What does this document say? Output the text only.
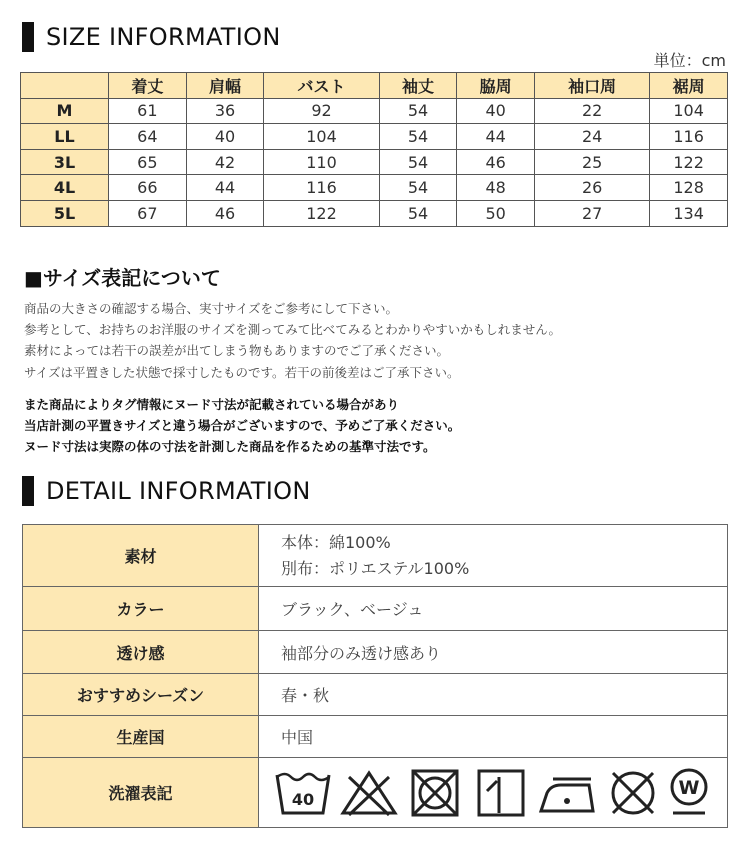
SIZE INFORMATION
単位：cm
	着丈	肩幅	バスト	袖丈	脇周	袖口周	裾周
M	61	36	92	54	40	22	104
LL	64	40	104	54	44	24	116
3L	65	42	110	54	46	25	122
4L	66	44	116	54	48	26	128
5L	67	46	122	54	50	27	134
■サイズ表記について
商品の大きさの確認する場合、実寸サイズをご参考にして下さい。
参考として、お持ちのお洋服のサイズを測ってみて比べてみるとわかりやすいかもしれません。
素材によっては若干の誤差が出てしまう物もありますのでご了承ください。
サイズは平置きした状態で採寸したものです。若干の前後差はご了承下さい。
また商品によりタグ情報にヌード寸法が記載されている場合があり
当店計測の平置きサイズと違う場合がございますので、予めご了承ください。
ヌード寸法は実際の体の寸法を計測した商品を作るための基準寸法です。
DETAIL INFORMATION
素材	本体：綿100%
別布：ポリエステル100%

カラー	ブラック、ベージュ
透け感	袖部分のみ透け感あり
おすすめシーズン	春・秋
生産国	中国
洗濯表記	40
W
